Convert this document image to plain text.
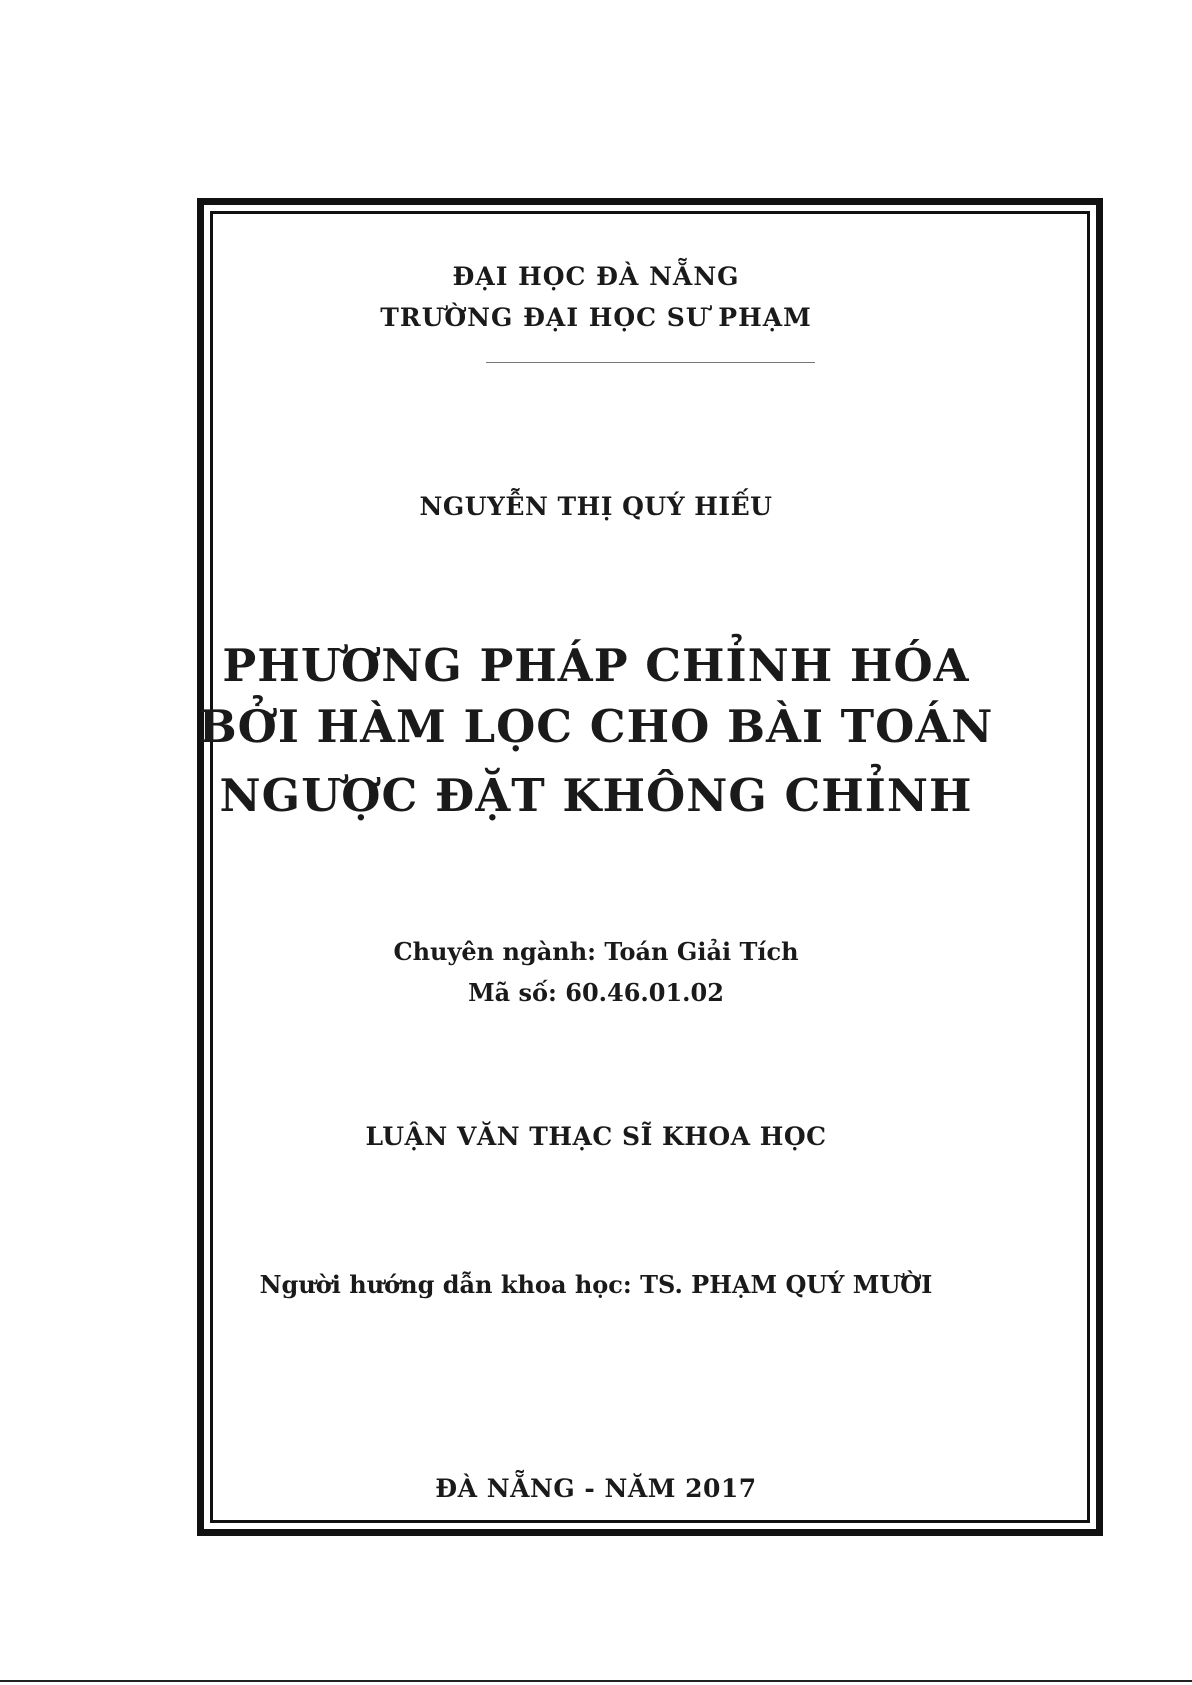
ĐẠI HỌC ĐÀ NẴNG
TRƯỜNG ĐẠI HỌC SƯ PHẠM
NGUYỄN THỊ QUÝ HIẾU
PHƯƠNG PHÁP CHỈNH HÓA
BỞI HÀM LỌC CHO BÀI TOÁN
NGƯỢC ĐẶT KHÔNG CHỈNH
Chuyên ngành: Toán Giải Tích
Mã số: 60.46.01.02
LUẬN VĂN THẠC SĨ KHOA HỌC
Người hướng dẫn khoa học: TS. PHẠM QUÝ MƯỜI
ĐÀ NẴNG - NĂM 2017
